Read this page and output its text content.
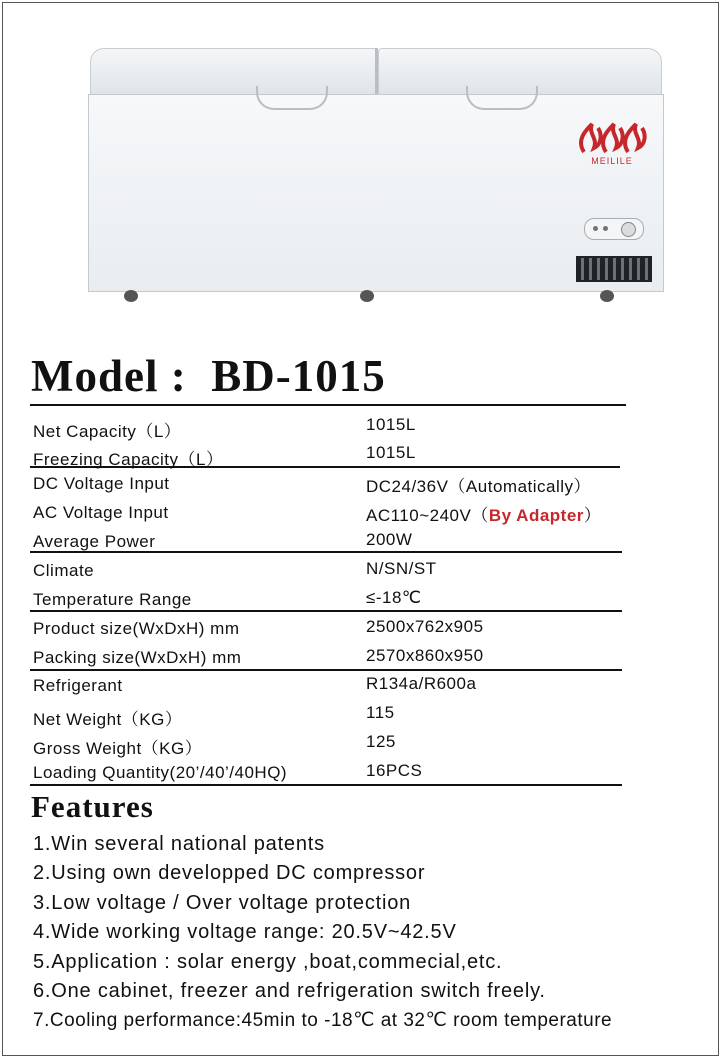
MEILILE
Model : BD-1015
Net Capacity（L）	1015L
Freezing Capacity（L）	1015L
DC Voltage Input	DC24/36V（Automatically）
AC Voltage Input	AC110~240V（By Adapter）
Average Power	200W
Climate	N/SN/ST
Temperature Range	≤-18℃
Product size(WxDxH) mm	2500x762x905
Packing size(WxDxH) mm	2570x860x950
Refrigerant	R134a/R600a
Net Weight（KG）	115
Gross Weight（KG）	125
Loading Quantity(20’/40’/40HQ)	16PCS
Features
1.Win several national patents
2.Using own developped DC compressor
3.Low voltage / Over voltage protection
4.Wide working voltage range: 20.5V~42.5V
5.Application : solar energy ,boat,commecial,etc.
6.One cabinet, freezer and refrigeration switch freely.
7.Cooling performance:45min to -18℃ at 32℃ room temperature
